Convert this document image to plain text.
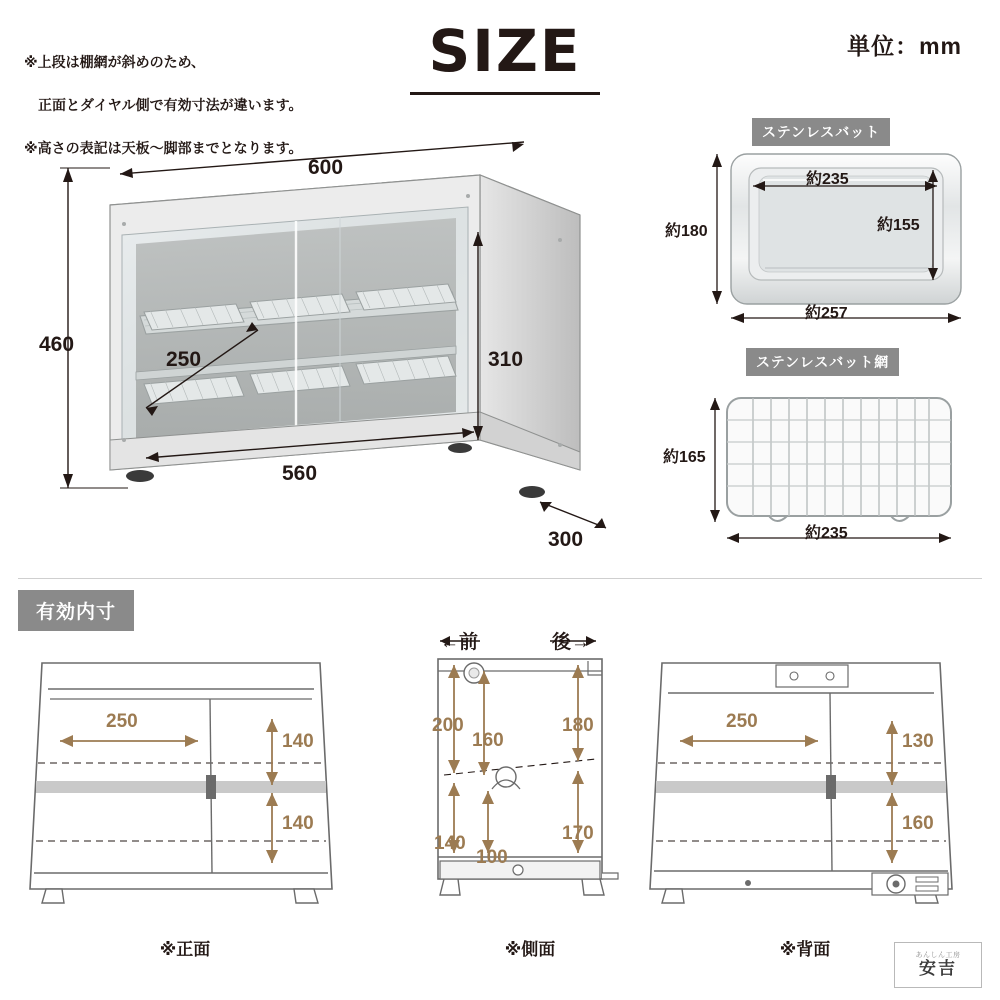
※上段は棚網が斜めのため、

　正面とダイヤル側で有効寸法が違います。

※高さの表記は天板〜脚部までとなります。

SIZE	単位：mm
600
460
310
250
560
300
ステンレスバット
約180
約257
約235
約155
ステンレスバット網
約165
約235
有効内寸
250
140
140
※正面
←前	後→
200
160
180
140
100
170
※側面
250
130
160
※背面	あんしん工房
安吉
